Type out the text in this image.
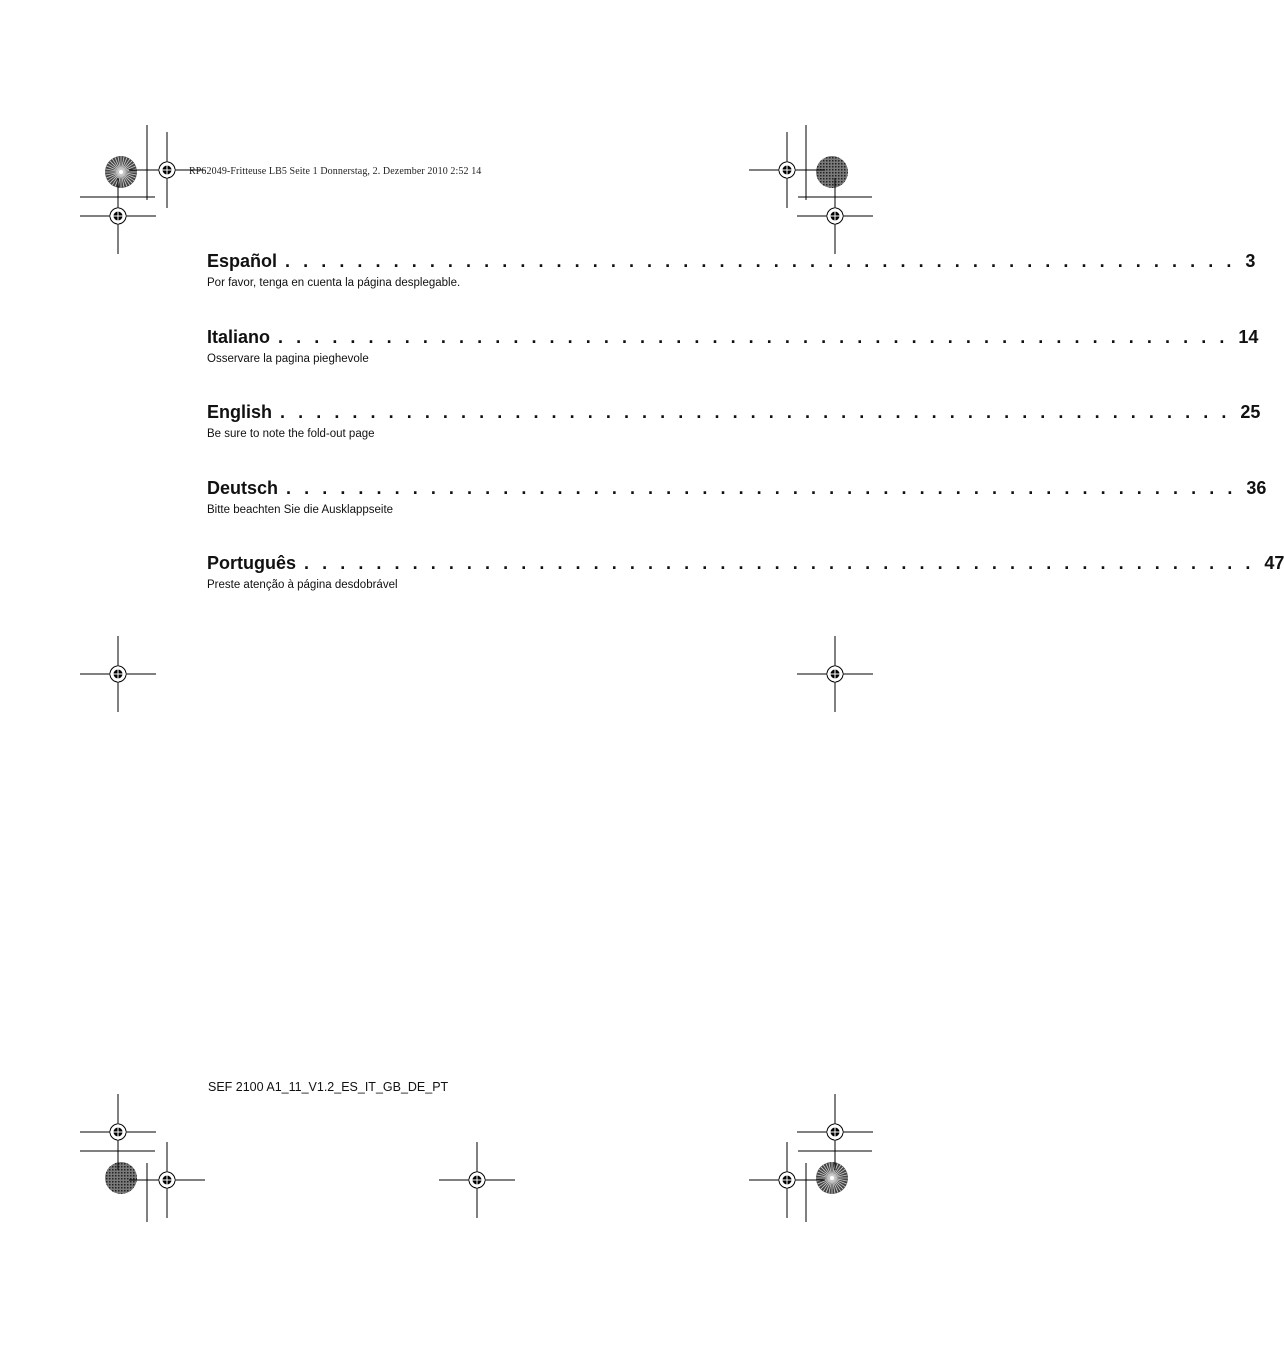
RP62049-Fritteuse LB5 Seite 1 Donnerstag, 2. Dezember 2010 2:52 14
Español . . . . . . . . . . . . . . . . . . . . . . . . . . . . . . . . . . . . . . . . . . . . . . . . . . . . . 3
Por favor, tenga en cuenta la página desplegable.
Italiano . . . . . . . . . . . . . . . . . . . . . . . . . . . . . . . . . . . . . . . . . . . . . . . . . . . . . 14
Osservare la pagina pieghevole
English . . . . . . . . . . . . . . . . . . . . . . . . . . . . . . . . . . . . . . . . . . . . . . . . . . . . . 25
Be sure to note the fold-out page
Deutsch . . . . . . . . . . . . . . . . . . . . . . . . . . . . . . . . . . . . . . . . . . . . . . . . . . . . . 36
Bitte beachten Sie die Ausklappseite
Português . . . . . . . . . . . . . . . . . . . . . . . . . . . . . . . . . . . . . . . . . . . . . . . . . . . . . 47
Preste atenção à página desdobrável
SEF 2100 A1_11_V1.2_ES_IT_GB_DE_PT
